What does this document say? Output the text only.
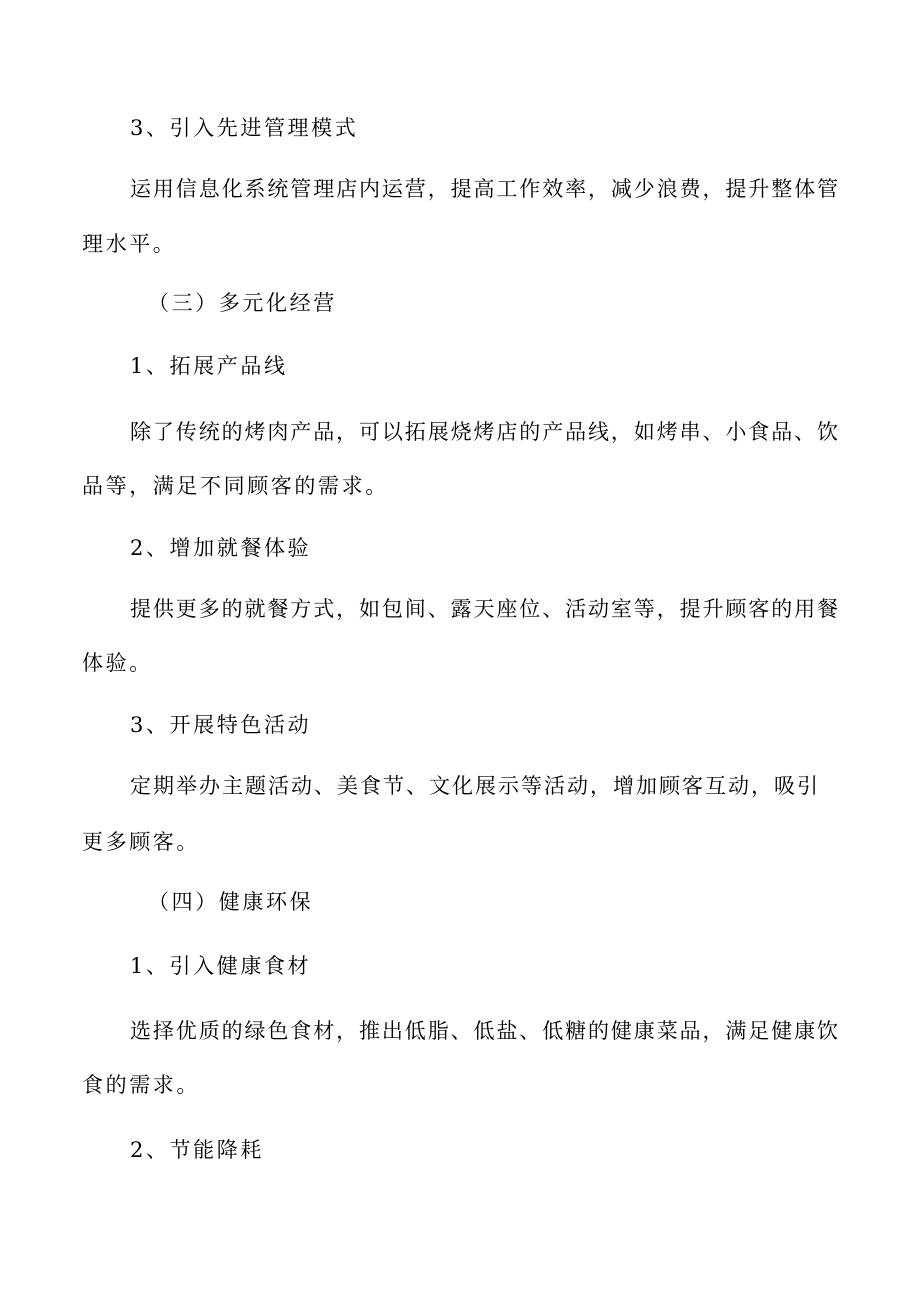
3、引入先进管理模式
运用信息化系统管理店内运营，提高工作效率，减少浪费，提升整体管
理水平。
（三）多元化经营
1、拓展产品线
除了传统的烤肉产品，可以拓展烧烤店的产品线，如烤串、小食品、饮
品等，满足不同顾客的需求。
2、增加就餐体验
提供更多的就餐方式，如包间、露天座位、活动室等，提升顾客的用餐
体验。
3、开展特色活动
定期举办主题活动、美食节、文化展示等活动，增加顾客互动，吸引
更多顾客。
（四）健康环保
1、引入健康食材
选择优质的绿色食材，推出低脂、低盐、低糖的健康菜品，满足健康饮
食的需求。
2、节能降耗
